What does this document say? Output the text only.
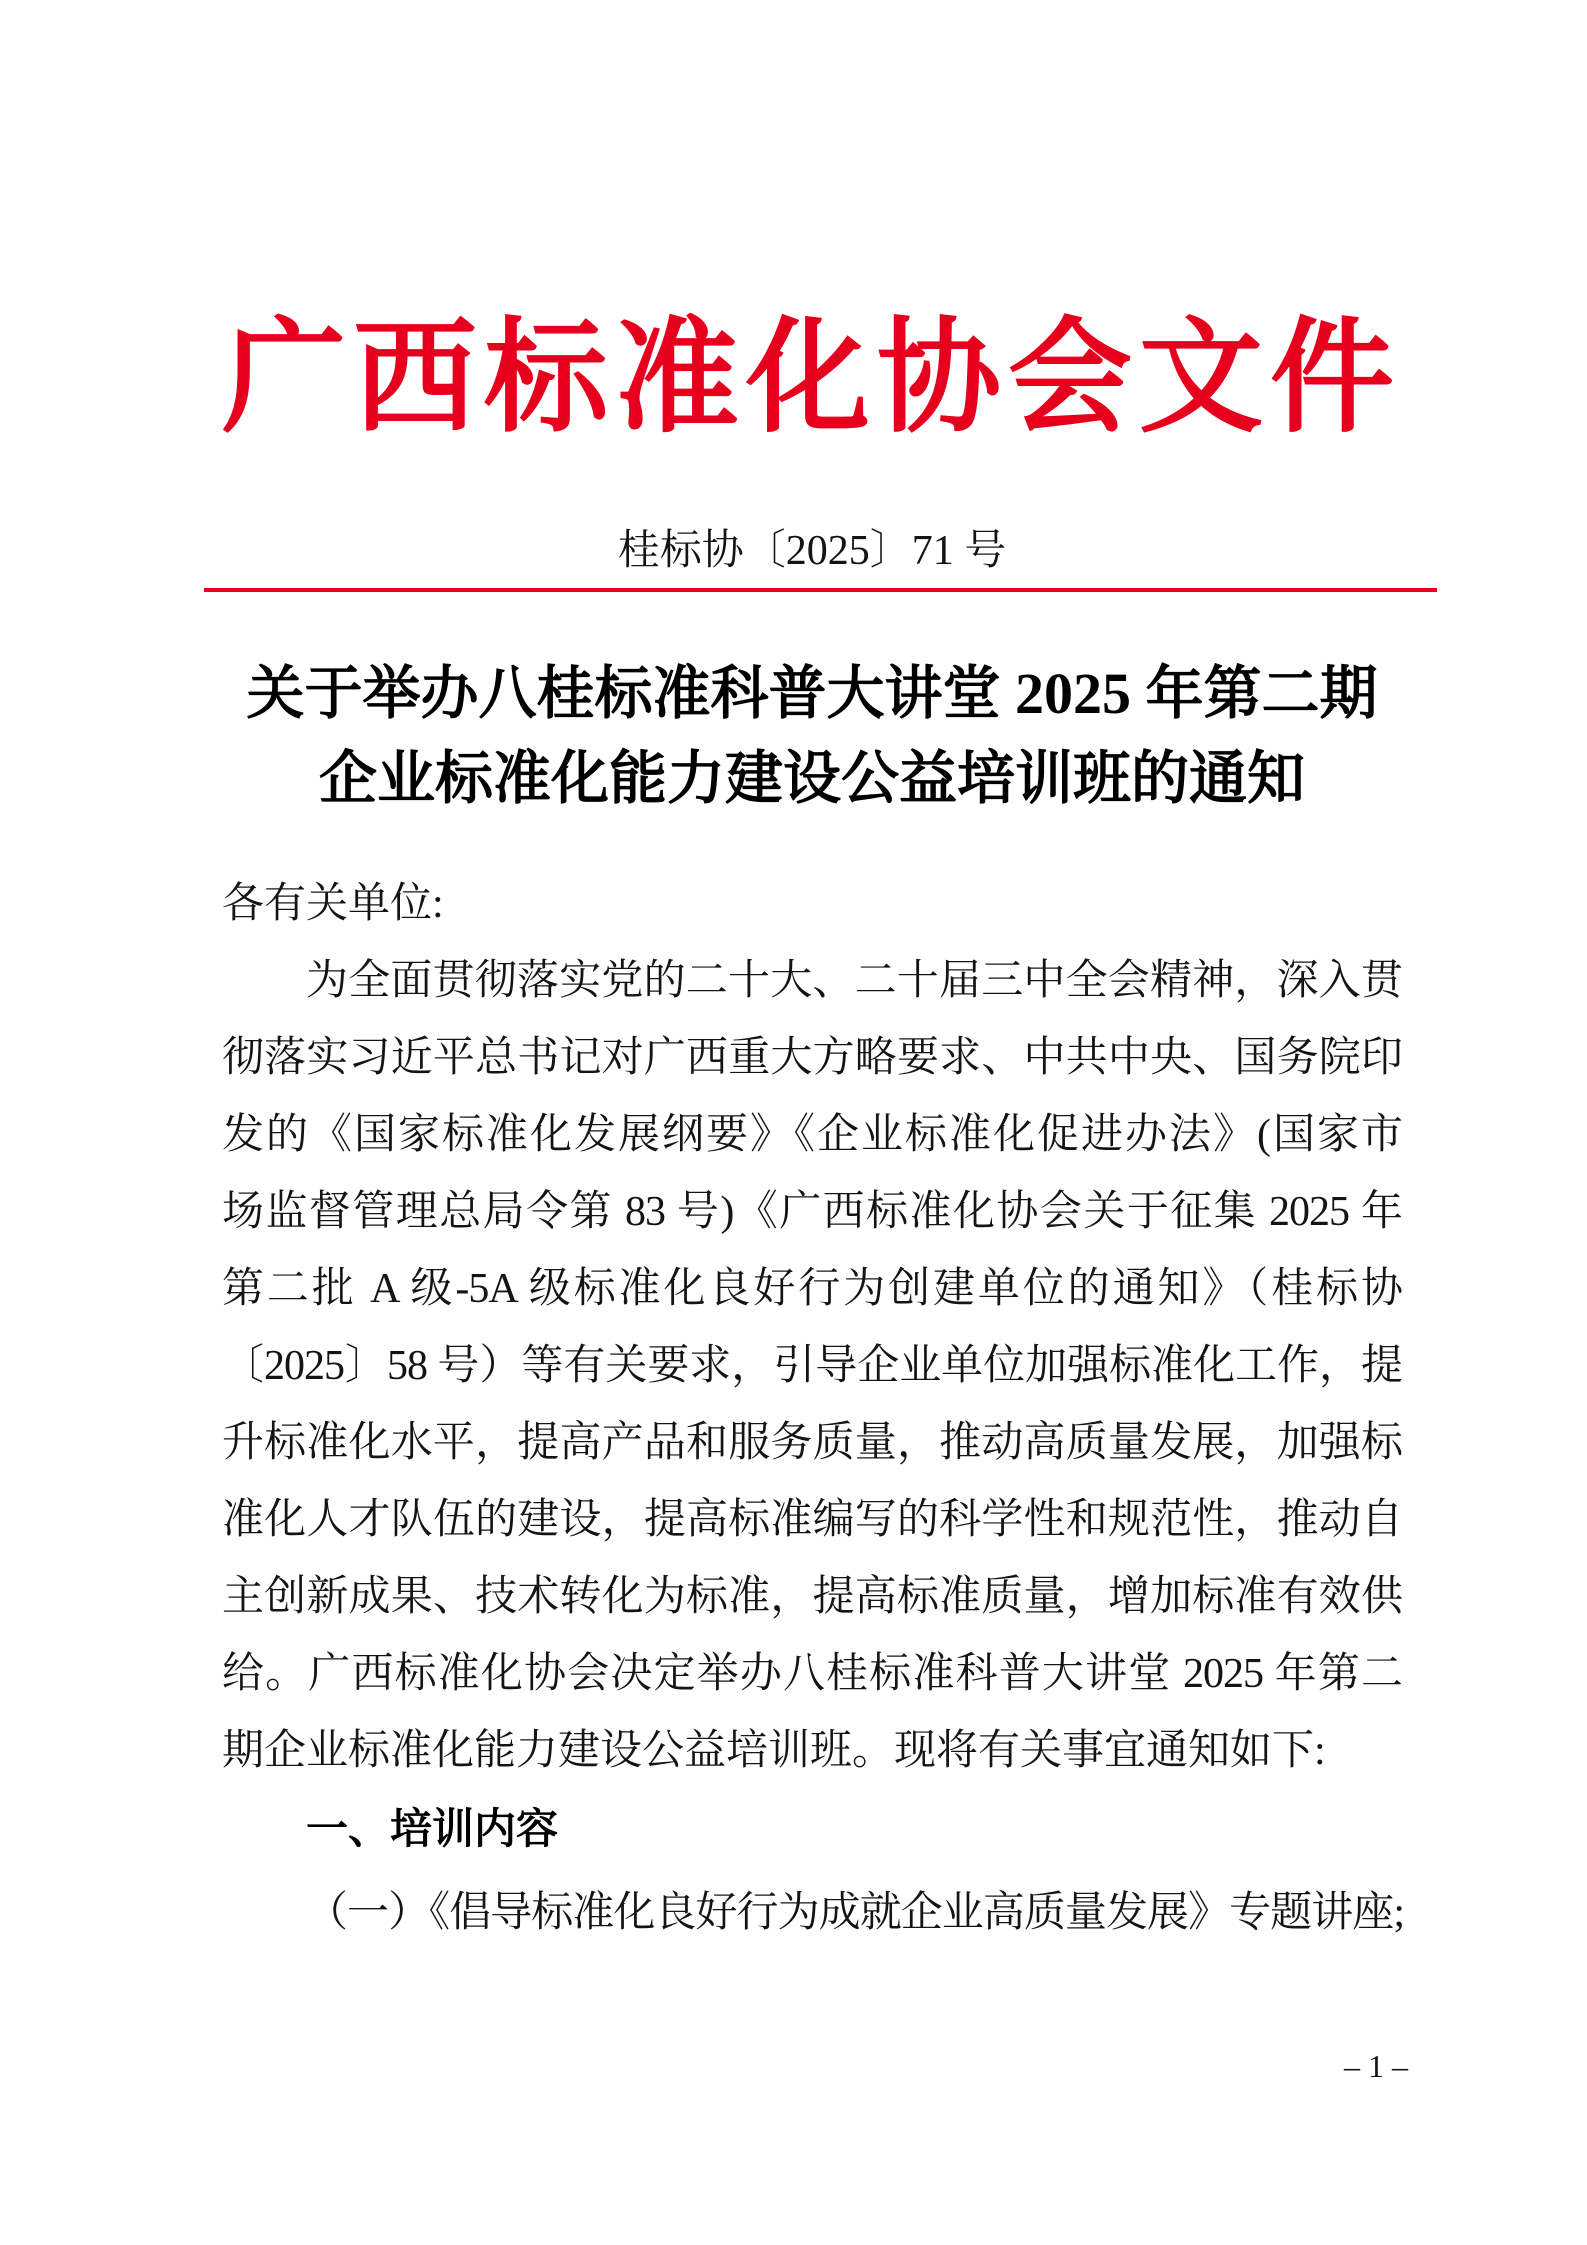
广西标准化协会文件
桂标协〔2025〕71 号
关于举办八桂标准科普大讲堂 2025 年第二期
企业标准化能力建设公益培训班的通知
各有关单位:
为全面贯彻落实党的二十大、二十届三中全会精神，深入贯
彻落实习近平总书记对广西重大方略要求、中共中央、国务院印
发的《国家标准化发展纲要》《企业标准化促进办法》(国家市
场监督管理总局令第 83 号)《广西标准化协会关于征集 2025 年
第二批 A 级-5A 级标准化良好行为创建单位的通知》（桂标协
〔2025〕58 号）等有关要求，引导企业单位加强标准化工作，提
升标准化水平，提高产品和服务质量，推动高质量发展，加强标
准化人才队伍的建设，提高标准编写的科学性和规范性，推动自
主创新成果、技术转化为标准，提高标准质量，增加标准有效供
给。广西标准化协会决定举办八桂标准科普大讲堂 2025 年第二
期企业标准化能力建设公益培训班。现将有关事宜通知如下:
一、培训内容
（一）《倡导标准化良好行为成就企业高质量发展》专题讲座;
– 1 –
